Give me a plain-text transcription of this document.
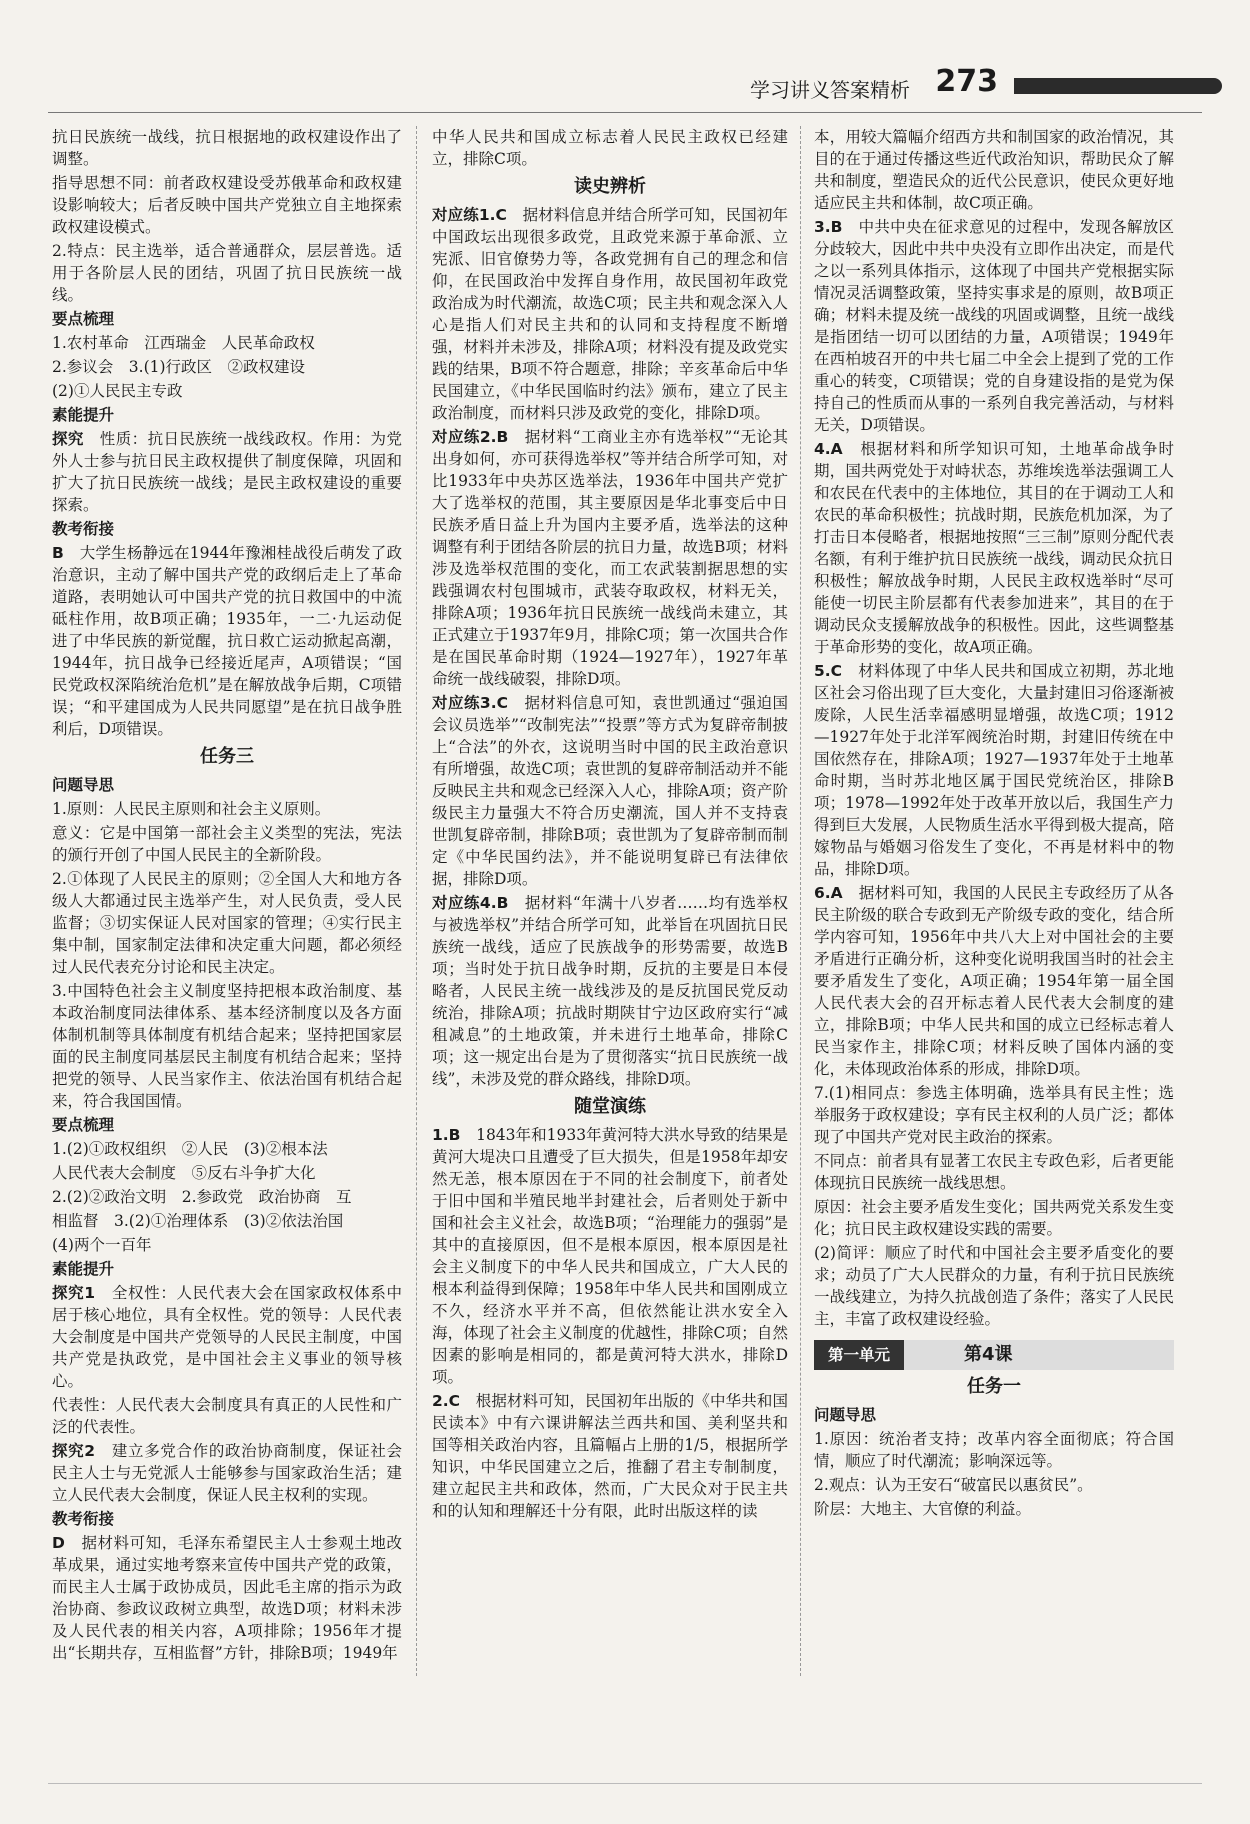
学习讲义答案精析 273

抗日民族统一战线，抗日根据地的政权建设作出了调整。

指导思想不同：前者政权建设受苏俄革命和政权建设影响较大；后者反映中国共产党独立自主地探索政权建设模式。

2.特点：民主选举，适合普通群众，层层普选。适用于各阶层人民的团结，巩固了抗日民族统一战线。

要点梳理

1.农村革命　江西瑞金　人民革命政权

2.参议会　3.(1)行政区　②政权建设

(2)①人民民主专政

素能提升

探究　 性质：抗日民族统一战线政权。作用：为党外人士参与抗日民主政权提供了制度保障，巩固和扩大了抗日民族统一战线；是民主政权建设的重要探索。

教考衔接

B　 大学生杨静远在1944年豫湘桂战役后萌发了政治意识，主动了解中国共产党的政纲后走上了革命道路，表明她认可中国共产党的抗日救国中的中流砥柱作用，故B项正确；1935年，一二·九运动促进了中华民族的新觉醒，抗日救亡运动掀起高潮，1944年，抗日战争已经接近尾声，A项错误；“国民党政权深陷统治危机”是在解放战争后期，C项错误；“和平建国成为人民共同愿望”是在抗日战争胜利后，D项错误。

任务三

问题导思

1.原则：人民民主原则和社会主义原则。

意义：它是中国第一部社会主义类型的宪法，宪法的颁行开创了中国人民民主的全新阶段。

2.①体现了人民民主的原则；②全国人大和地方各级人大都通过民主选举产生，对人民负责，受人民监督；③切实保证人民对国家的管理；④实行民主集中制，国家制定法律和决定重大问题，都必须经过人民代表充分讨论和民主决定。

3.中国特色社会主义制度坚持把根本政治制度、基本政治制度同法律体系、基本经济制度以及各方面体制机制等具体制度有机结合起来；坚持把国家层面的民主制度同基层民主制度有机结合起来；坚持把党的领导、人民当家作主、依法治国有机结合起来，符合我国国情。

要点梳理

1.(2)①政权组织　②人民　(3)②根本法

人民代表大会制度　⑤反右斗争扩大化

2.(2)②政治文明　2.参政党　政治协商　互

相监督　3.(2)①治理体系　(3)②依法治国

(4)两个一百年

素能提升

探究1　 全权性：人民代表大会在国家政权体系中居于核心地位，具有全权性。党的领导：人民代表大会制度是中国共产党领导的人民民主制度，中国共产党是执政党，是中国社会主义事业的领导核心。

代表性：人民代表大会制度具有真正的人民性和广泛的代表性。

探究2　 建立多党合作的政治协商制度，保证社会民主人士与无党派人士能够参与国家政治生活；建立人民代表大会制度，保证人民主权利的实现。

教考衔接

D　 据材料可知，毛泽东希望民主人士参观土地改革成果，通过实地考察来宣传中国共产党的政策，而民主人士属于政协成员，因此毛主席的指示为政治协商、参政议政树立典型，故选D项；材料未涉及人民代表的相关内容，A项排除；1956年才提出“长期共存，互相监督”方针，排除B项；1949年

中华人民共和国成立标志着人民民主政权已经建立，排除C项。

读史辨析

对应练1.C　 据材料信息并结合所学可知，民国初年中国政坛出现很多政党，且政党来源于革命派、立宪派、旧官僚势力等，各政党拥有自己的理念和信仰，在民国政治中发挥自身作用，故民国初年政党政治成为时代潮流，故选C项；民主共和观念深入人心是指人们对民主共和的认同和支持程度不断增强，材料并未涉及，排除A项；材料没有提及政党实践的结果，B项不符合题意，排除；辛亥革命后中华民国建立，《中华民国临时约法》颁布，建立了民主政治制度，而材料只涉及政党的变化，排除D项。

对应练2.B　 据材料“工商业主亦有选举权”“无论其出身如何，亦可获得选举权”等并结合所学可知，对比1933年中央苏区选举法，1936年中国共产党扩大了选举权的范围，其主要原因是华北事变后中日民族矛盾日益上升为国内主要矛盾，选举法的这种调整有利于团结各阶层的抗日力量，故选B项；材料涉及选举权范围的变化，而工农武装割据思想的实践强调农村包围城市，武装夺取政权，材料无关，排除A项；1936年抗日民族统一战线尚未建立，其正式建立于1937年9月，排除C项；第一次国共合作是在国民革命时期（1924—1927年），1927年革命统一战线破裂，排除D项。

对应练3.C　 据材料信息可知，袁世凯通过“强迫国会议员选举”“改制宪法”“投票”等方式为复辟帝制披上“合法”的外衣，这说明当时中国的民主政治意识有所增强，故选C项；袁世凯的复辟帝制活动并不能反映民主共和观念已经深入人心，排除A项；资产阶级民主力量强大不符合历史潮流，国人并不支持袁世凯复辟帝制，排除B项；袁世凯为了复辟帝制而制定《中华民国约法》，并不能说明复辟已有法律依据，排除D项。

对应练4.B　 据材料“年满十八岁者……均有选举权与被选举权”并结合所学可知，此举旨在巩固抗日民族统一战线，适应了民族战争的形势需要，故选B项；当时处于抗日战争时期，反抗的主要是日本侵略者，人民民主统一战线涉及的是反抗国民党反动统治，排除A项；抗战时期陕甘宁边区政府实行“减租减息”的土地政策，并未进行土地革命，排除C项；这一规定出台是为了贯彻落实“抗日民族统一战线”，未涉及党的群众路线，排除D项。

随堂演练

1.B　 1843年和1933年黄河特大洪水导致的结果是黄河大堤决口且遭受了巨大损失，但是1958年却安然无恙，根本原因在于不同的社会制度下，前者处于旧中国和半殖民地半封建社会，后者则处于新中国和社会主义社会，故选B项；“治理能力的强弱”是其中的直接原因，但不是根本原因，根本原因是社会主义制度下的中华人民共和国成立，广大人民的根本利益得到保障；1958年中华人民共和国刚成立不久，经济水平并不高，但依然能让洪水安全入海，体现了社会主义制度的优越性，排除C项；自然因素的影响是相同的，都是黄河特大洪水，排除D项。

2.C　 根据材料可知，民国初年出版的《中华共和国民读本》中有六课讲解法兰西共和国、美利坚共和国等相关政治内容，且篇幅占上册的1/5，根据所学知识，中华民国建立之后，推翻了君主专制制度，建立起民主共和政体，然而，广大民众对于民主共和的认知和理解还十分有限，此时出版这样的读

本，用较大篇幅介绍西方共和制国家的政治情况，其目的在于通过传播这些近代政治知识，帮助民众了解共和制度，塑造民众的近代公民意识，使民众更好地适应民主共和体制，故C项正确。

3.B　 中共中央在征求意见的过程中，发现各解放区分歧较大，因此中共中央没有立即作出决定，而是代之以一系列具体指示，这体现了中国共产党根据实际情况灵活调整政策，坚持实事求是的原则，故B项正确；材料未提及统一战线的巩固或调整，且统一战线是指团结一切可以团结的力量，A项错误；1949年在西柏坡召开的中共七届二中全会上提到了党的工作重心的转变，C项错误；党的自身建设指的是党为保持自己的性质而从事的一系列自我完善活动，与材料无关，D项错误。

4.A　 根据材料和所学知识可知，土地革命战争时期，国共两党处于对峙状态，苏维埃选举法强调工人和农民在代表中的主体地位，其目的在于调动工人和农民的革命积极性；抗战时期，民族危机加深，为了打击日本侵略者，根据地按照“三三制”原则分配代表名额，有利于维护抗日民族统一战线，调动民众抗日积极性；解放战争时期，人民民主政权选举时“尽可能使一切民主阶层都有代表参加进来”，其目的在于调动民众支援解放战争的积极性。因此，这些调整基于革命形势的变化，故A项正确。

5.C　 材料体现了中华人民共和国成立初期，苏北地区社会习俗出现了巨大变化，大量封建旧习俗逐渐被废除，人民生活幸福感明显增强，故选C项；1912—1927年处于北洋军阀统治时期，封建旧传统在中国依然存在，排除A项；1927—1937年处于土地革命时期，当时苏北地区属于国民党统治区，排除B项；1978—1992年处于改革开放以后，我国生产力得到巨大发展，人民物质生活水平得到极大提高，陪嫁物品与婚姻习俗发生了变化，不再是材料中的物品，排除D项。

6.A　 据材料可知，我国的人民民主专政经历了从各民主阶级的联合专政到无产阶级专政的变化，结合所学内容可知，1956年中共八大上对中国社会的主要矛盾进行正确分析，这种变化说明我国当时的社会主要矛盾发生了变化，A项正确；1954年第一届全国人民代表大会的召开标志着人民代表大会制度的建立，排除B项；中华人民共和国的成立已经标志着人民当家作主，排除C项；材料反映了国体内涵的变化，未体现政治体系的形成，排除D项。

7.(1)相同点：参选主体明确，选举具有民主性；选举服务于政权建设；享有民主权利的人员广泛；都体现了中国共产党对民主政治的探索。

不同点：前者具有显著工农民主专政色彩，后者更能体现抗日民族统一战线思想。

原因：社会主要矛盾发生变化；国共两党关系发生变化；抗日民主政权建设实践的需要。

(2)简评：顺应了时代和中国社会主要矛盾变化的要求；动员了广大人民群众的力量，有利于抗日民族统一战线建立，为持久抗战创造了条件；落实了人民民主，丰富了政权建设经验。

第一单元	第4课
任务一

问题导思

1.原因：统治者支持；改革内容全面彻底；符合国情，顺应了时代潮流；影响深远等。

2.观点：认为王安石“破富民以惠贫民”。

阶层：大地主、大官僚的利益。
